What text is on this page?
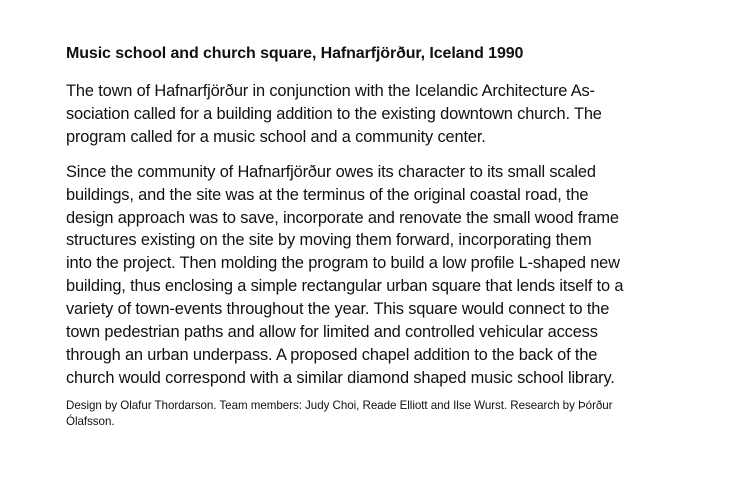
Music school and church square, Hafnarfjörður, Iceland 1990

The town of Hafnarfjörður in conjunction with the Icelandic Architecture As-
sociation called for a building addition to the existing downtown church. The
program called for a music school and a community center.

Since the community of Hafnarfjörður owes its character to its small scaled
buildings, and the site was at the terminus of the original coastal road, the
design approach was to save, incorporate and renovate the small wood frame
structures existing on the site by moving them forward, incorporating them
into the project. Then molding the program to build a low profile L-shaped new
building, thus enclosing a simple rectangular urban square that lends itself to a
variety of town-events throughout the year. This square would connect to the
town pedestrian paths and allow for limited and controlled vehicular access
through an urban underpass. A proposed chapel addition to the back of the
church would correspond with a similar diamond shaped music school library.

Design by Olafur Thordarson. Team members: Judy Choi, Reade Elliott and Ilse Wurst. Research by Þórður
Ólafsson.
